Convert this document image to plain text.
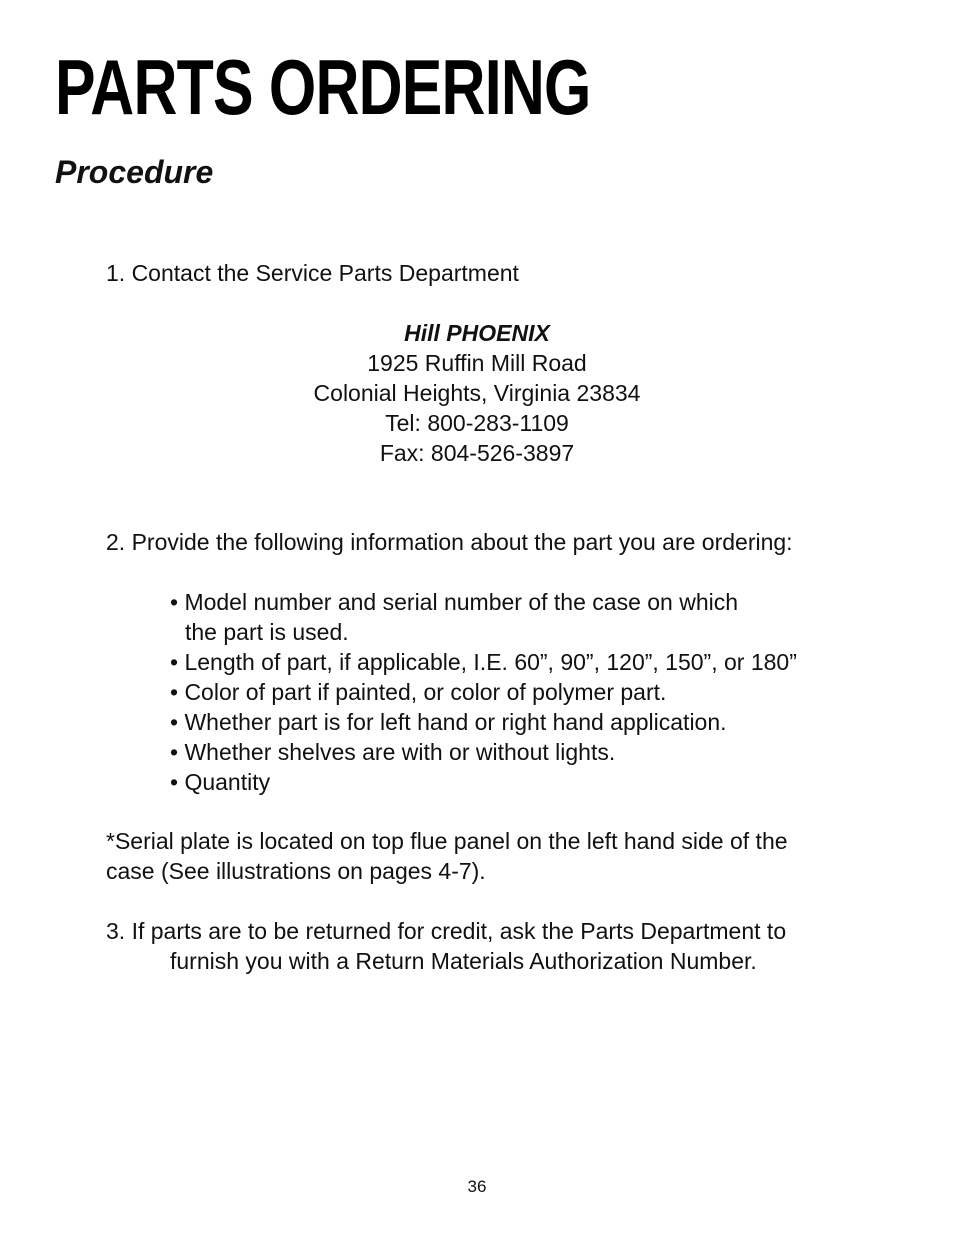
PARTS ORDERING
Procedure
1. Contact the Service Parts Department
Hill PHOENIX
1925 Ruffin Mill Road
Colonial Heights, Virginia 23834
Tel: 800-283-1109
Fax: 804-526-3897
2. Provide the following information about the part you are ordering:
• Model number and serial number of the case on which
the part is used.
• Length of part, if applicable, I.E. 60”, 90”, 120”, 150”, or 180”
• Color of part if painted, or color of polymer part.
• Whether part is for left hand or right hand application.
• Whether shelves are with or without lights.
• Quantity
*Serial plate is located on top flue panel on the left hand side of the
case (See illustrations on pages 4-7).
3. If parts are to be returned for credit, ask the Parts Department to
furnish you with a Return Materials Authorization Number.
36
